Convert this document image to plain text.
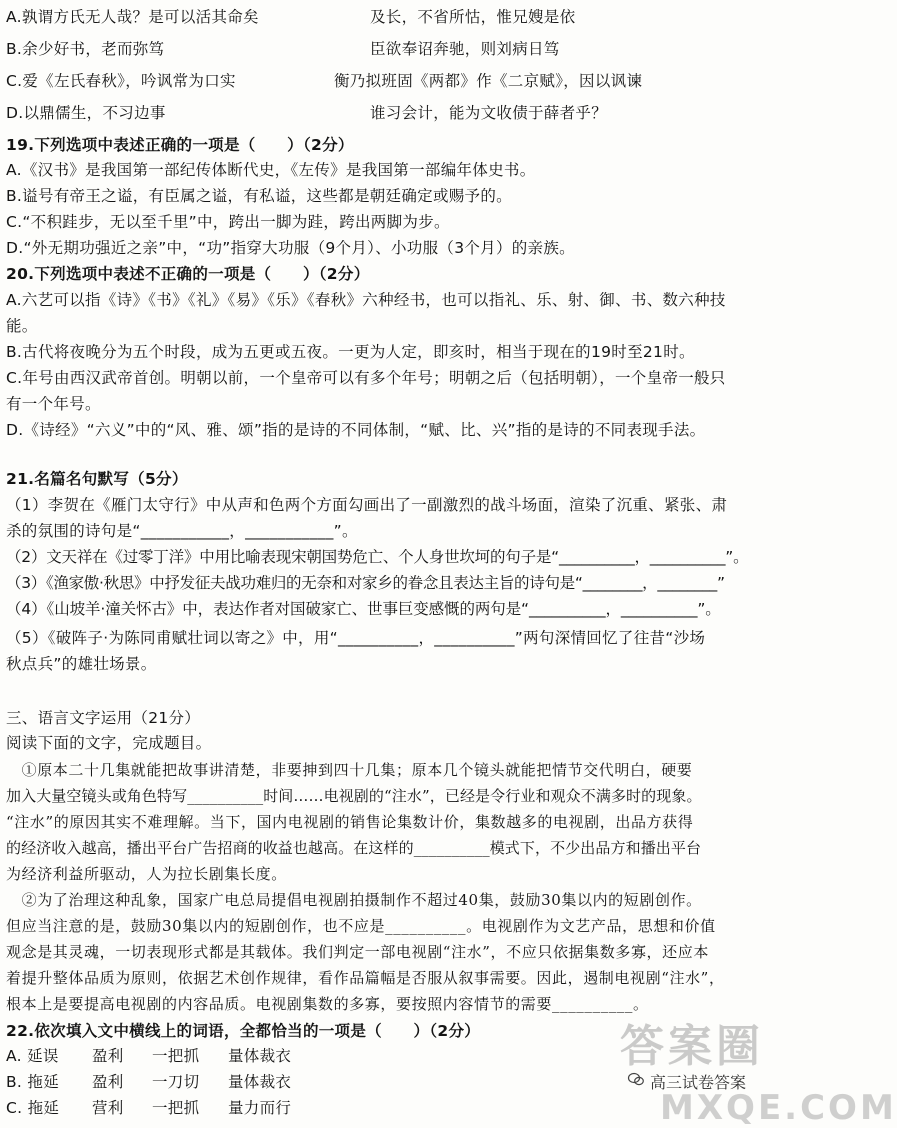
A.孰谓方氏无人哉？是可以活其命矣	及长，不省所怙，惟兄嫂是依
B.余少好书，老而弥笃	臣欲奉诏奔驰，则刘病日笃
C.爱《左氏春秋》，吟讽常为口实	衡乃拟班固《两都》作《二京赋》，因以讽谏
D.以鼎儒生，不习边事	谁习会计，能为文收债于薛者乎？
19.下列选项中表述正确的一项是（　　）（2分）
A.《汉书》是我国第一部纪传体断代史，《左传》是我国第一部编年体史书。
B.谥号有帝王之谥，有臣属之谥，有私谥，这些都是朝廷确定或赐予的。
C.“不积跬步，无以至千里”中，跨出一脚为跬，跨出两脚为步。
D.“外无期功强近之亲”中，“功”指穿大功服（9个月）、小功服（3个月）的亲族。
20.下列选项中表述不正确的一项是（　　）（2分）
A.六艺可以指《诗》《书》《礼》《易》《乐》《春秋》六种经书，也可以指礼、乐、射、御、书、数六种技
能。
B.古代将夜晚分为五个时段，成为五更或五夜。一更为人定，即亥时，相当于现在的19时至21时。
C.年号由西汉武帝首创。明朝以前，一个皇帝可以有多个年号；明朝之后（包括明朝），一个皇帝一般只
有一个年号。
D.《诗经》“六义”中的“风、雅、颂”指的是诗的不同体制，“赋、比、兴”指的是诗的不同表现手法。
21.名篇名句默写（5分）
（1）李贺在《雁门太守行》中从声和色两个方面勾画出了一副激烈的战斗场面，渲染了沉重、紧张、肃
杀的氛围的诗句是“___________，___________”。
（2）文天祥在《过零丁洋》中用比喻表现宋朝国势危亡、个人身世坎坷的句子是“__________，__________”。
（3）《渔家傲·秋思》中抒发征夫战功难归的无奈和对家乡的眷念且表达主旨的诗句是“________，________”
（4）《山坡羊·潼关怀古》中，表达作者对国破家亡、世事巨变感慨的两句是“__________，__________”。
（5）《破阵子·为陈同甫赋壮词以寄之》中，用“__________，__________”两句深情回忆了往昔“沙场
秋点兵”的雄壮场景。
三、语言文字运用（21分）
阅读下面的文字，完成题目。
　①原本二十几集就能把故事讲清楚，非要抻到四十几集；原本几个镜头就能把情节交代明白，硬要
加入大量空镜头或角色特写__________时间……电视剧的“注水”，已经是令行业和观众不满多时的现象。
“注水”的原因其实不难理解。当下，国内电视剧的销售论集数计价，集数越多的电视剧，出品方获得
的经济收入越高，播出平台广告招商的收益也越高。在这样的__________模式下，不少出品方和播出平台
为经济利益所驱动，人为拉长剧集长度。
　②为了治理这种乱象，国家广电总局提倡电视剧拍摄制作不超过40集，鼓励30集以内的短剧创作。
但应当注意的是，鼓励30集以内的短剧创作，也不应是__________。电视剧作为文艺产品，思想和价值
观念是其灵魂，一切表现形式都是其载体。我们判定一部电视剧“注水”，不应只依据集数多寡，还应本
着提升整体品质为原则，依据艺术创作规律，看作品篇幅是否服从叙事需要。因此，遏制电视剧“注水”，
根本上是要提高电视剧的内容品质。电视剧集数的多寡，要按照内容情节的需要__________。
22.依次填入文中横线上的词语，全都恰当的一项是（　　）（2分）
A. 延误 盈利 一把抓 量体裁衣
B. 拖延 盈利 一刀切 量体裁衣
C. 拖延 营利 一把抓 量力而行
答案圈
高三试卷答案
MXQE.COM
